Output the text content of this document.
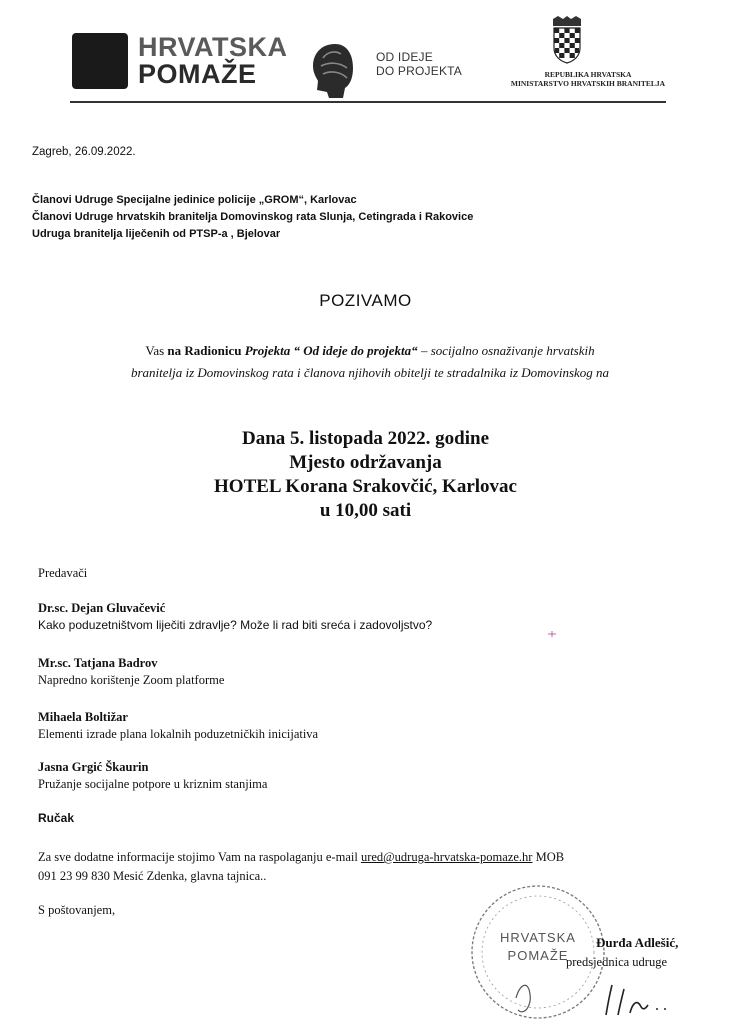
HRVATSKA
POMAŽE
OD IDEJE
DO PROJEKTA	REPUBLIKA HRVATSKA
MINISTARSTVO HRVATSKIH BRANITELJA
Zagreb, 26.09.2022.
Članovi Udruge Specijalne jedinice policije „GROM“, Karlovac
Članovi Udruge hrvatskih branitelja Domovinskog rata Slunja, Cetingrada i Rakovice
Udruga branitelja liječenih od PTSP-a , Bjelovar
POZIVAMO
Vas na Radionicu Projekta “ Od ideje do projekta“ – socijalno osnaživanje hrvatskih
branitelja iz Domovinskog rata i članova njihovih obitelji te stradalnika iz Domovinskog na
Dana 5. listopada 2022. godine
Mjesto održavanja
HOTEL Korana Srakovčić, Karlovac
u 10,00 sati
Predavači
Dr.sc. Dejan Gluvačević
Kako poduzetništvom liječiti zdravlje? Može li rad biti sreća i zadovoljstvo?
Mr.sc. Tatjana Badrov
Napredno korištenje Zoom platforme
Mihaela Boltižar
Elementi izrade plana lokalnih poduzetničkih inicijativa
Jasna Grgić Škaurin
Pružanje socijalne potpore u kriznim stanjima
Ručak
Za sve dodatne informacije stojimo Vam na raspolaganju e-mail ured@udruga-hrvatska-pomaze.hr MOB
091 23 99 830 Mesić Zdenka, glavna tajnica..
S poštovanjem,
HRVATSKA
POMAŽE
Đurđa Adlešić,
predsjednica udruge
